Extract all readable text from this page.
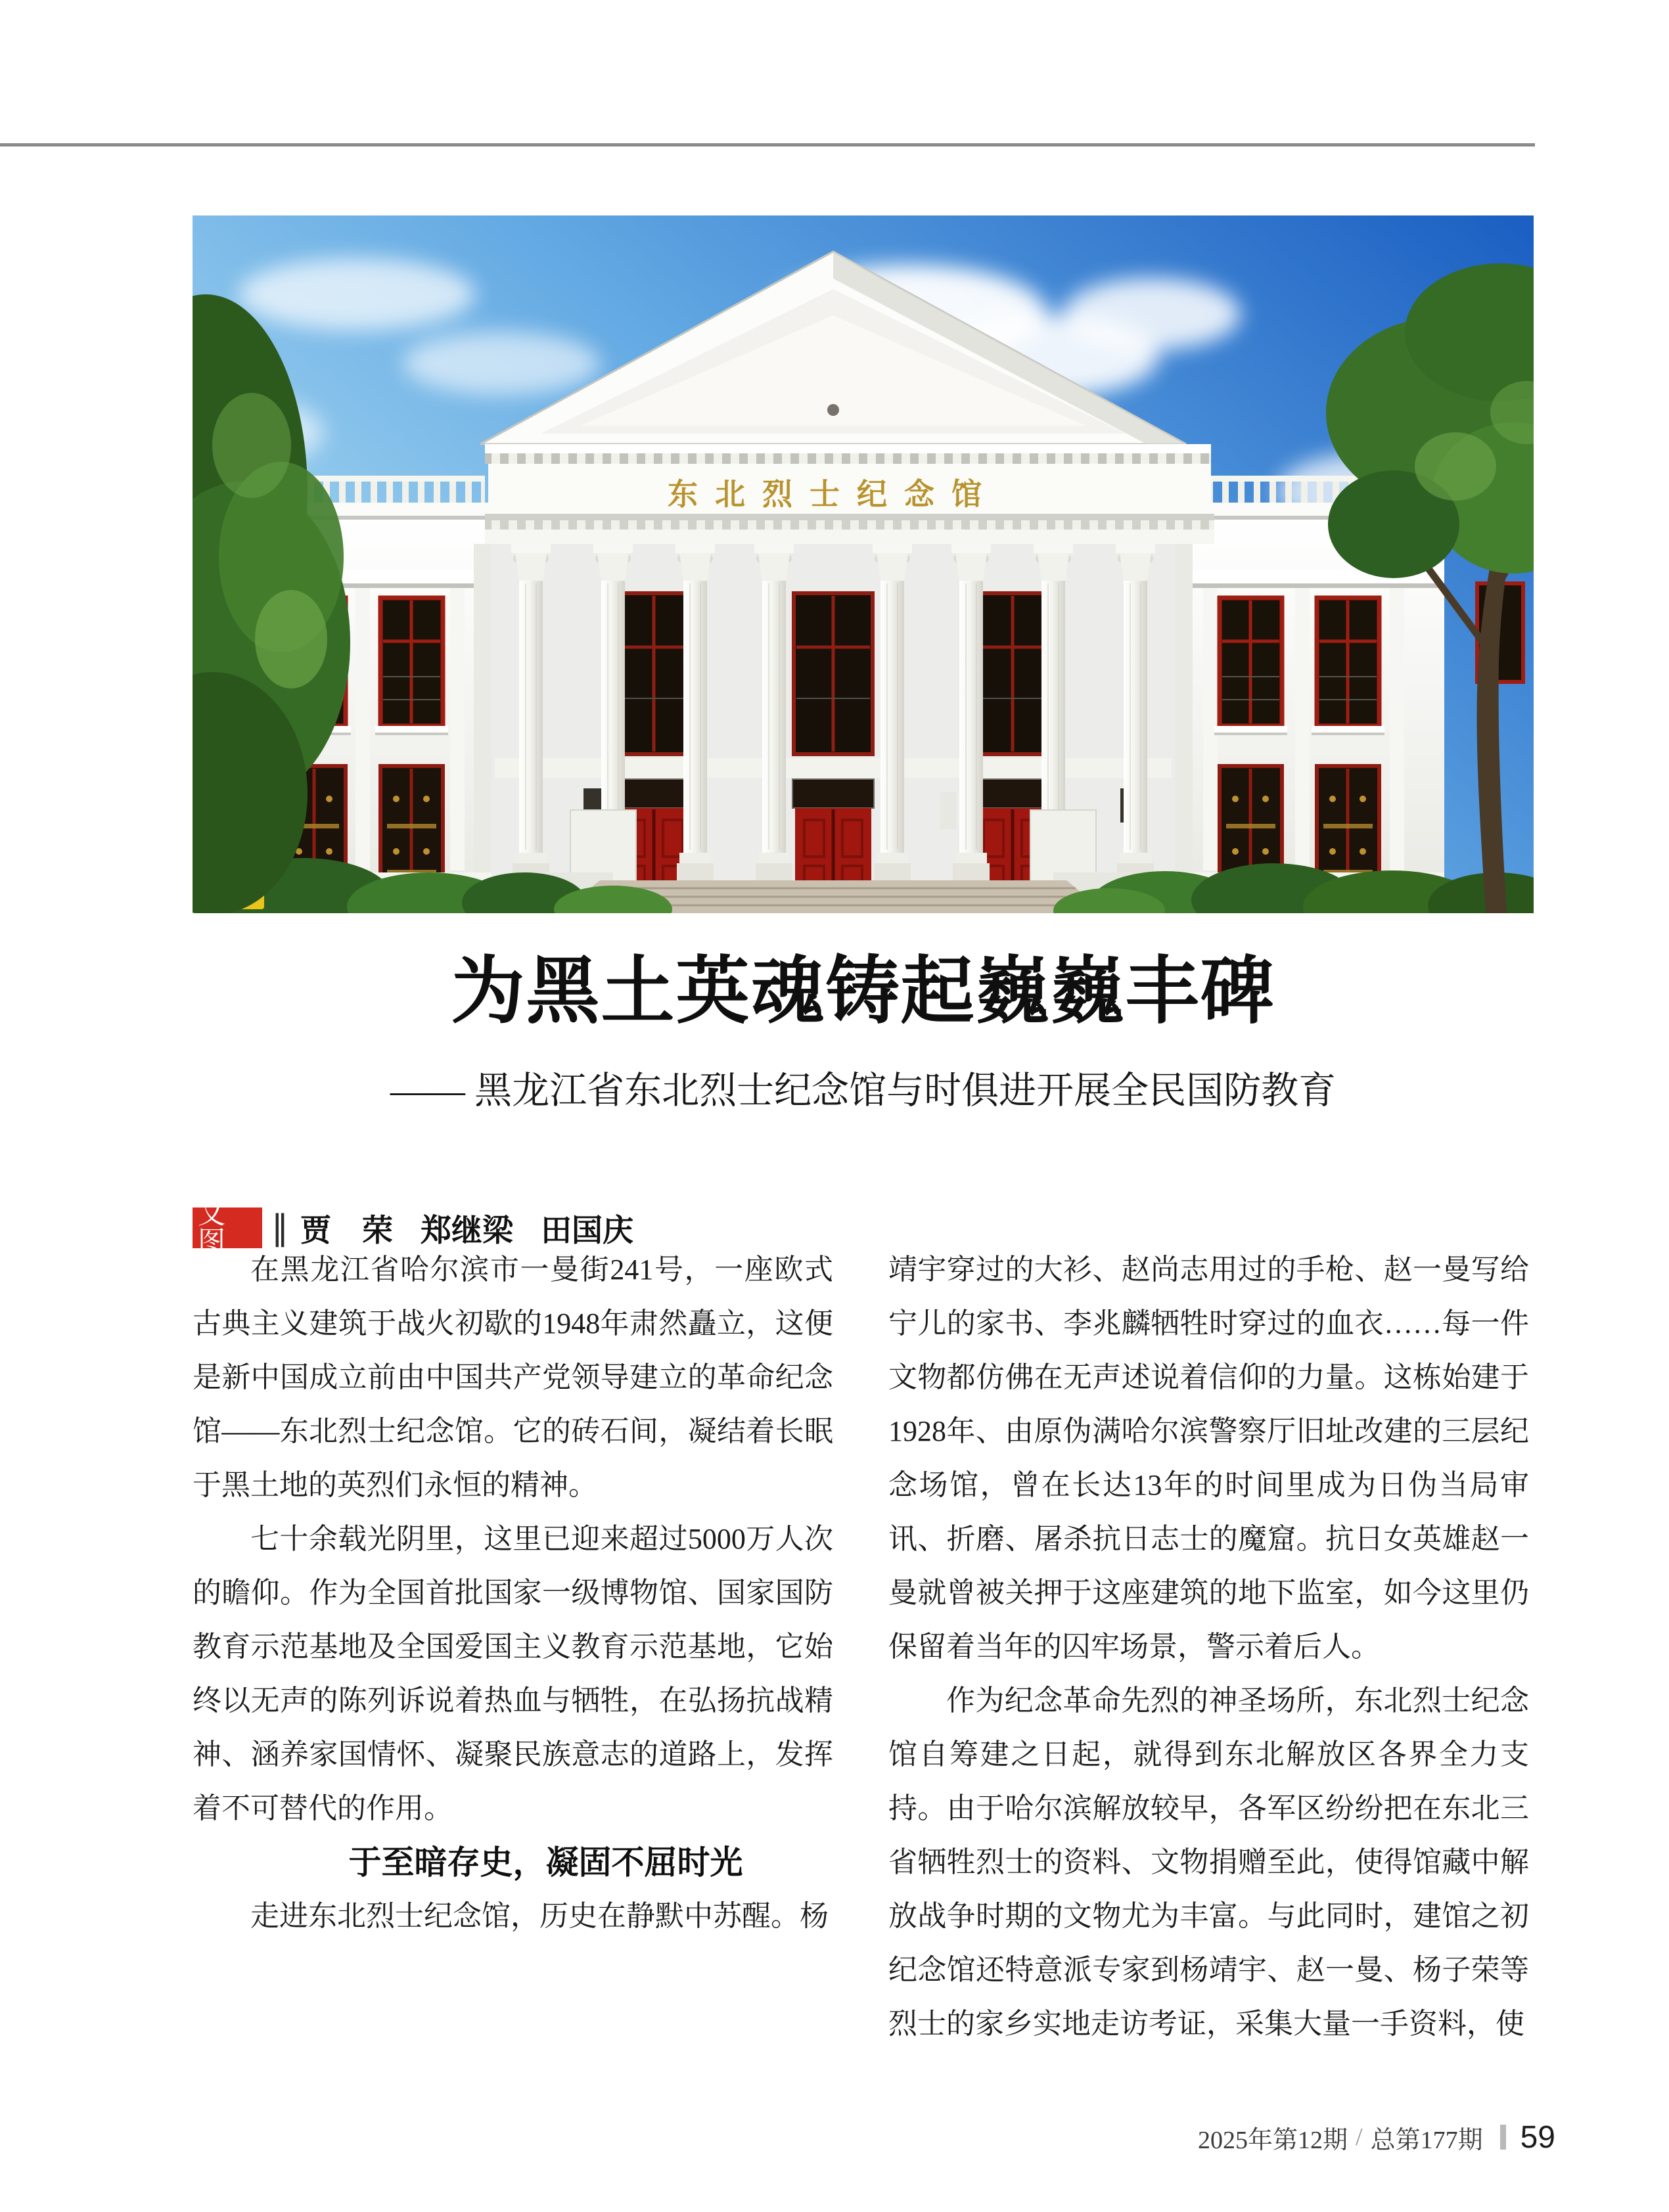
东北烈士纪念馆
为黑土英魂铸起巍巍丰碑
—— 黑龙江省东北烈士纪念馆与时俱进开展全民国防教育
文图	‖ 贾　荣 郑继梁 田国庆

在黑龙江省哈尔滨市一曼街241号，一座欧式古典主义建筑于战火初歇的1948年肃然矗立，这便是新中国成立前由中国共产党领导建立的革命纪念馆——东北烈士纪念馆。它的砖石间，凝结着长眠于黑土地的英烈们永恒的精神。

七十余载光阴里，这里已迎来超过5000万人次的瞻仰。作为全国首批国家一级博物馆、国家国防教育示范基地及全国爱国主义教育示范基地，它始终以无声的陈列诉说着热血与牺牲，在弘扬抗战精神、涵养家国情怀、凝聚民族意志的道路上，发挥着不可替代的作用。

于至暗存史，凝固不屈时光

走进东北烈士纪念馆，历史在静默中苏醒。杨

靖宇穿过的大衫、赵尚志用过的手枪、赵一曼写给宁儿的家书、李兆麟牺牲时穿过的血衣……每一件文物都仿佛在无声述说着信仰的力量。这栋始建于1928年、由原伪满哈尔滨警察厅旧址改建的三层纪念场馆，曾在长达13年的时间里成为日伪当局审讯、折磨、屠杀抗日志士的魔窟。抗日女英雄赵一曼就曾被关押于这座建筑的地下监室，如今这里仍保留着当年的囚牢场景，警示着后人。

作为纪念革命先烈的神圣场所，东北烈士纪念馆自筹建之日起，就得到东北解放区各界全力支持。由于哈尔滨解放较早，各军区纷纷把在东北三省牺牲烈士的资料、文物捐赠至此，使得馆藏中解放战争时期的文物尤为丰富。与此同时，建馆之初纪念馆还特意派专家到杨靖宇、赵一曼、杨子荣等烈士的家乡实地走访考证，采集大量一手资料，使

2025年第12期 / 总第177期 59
